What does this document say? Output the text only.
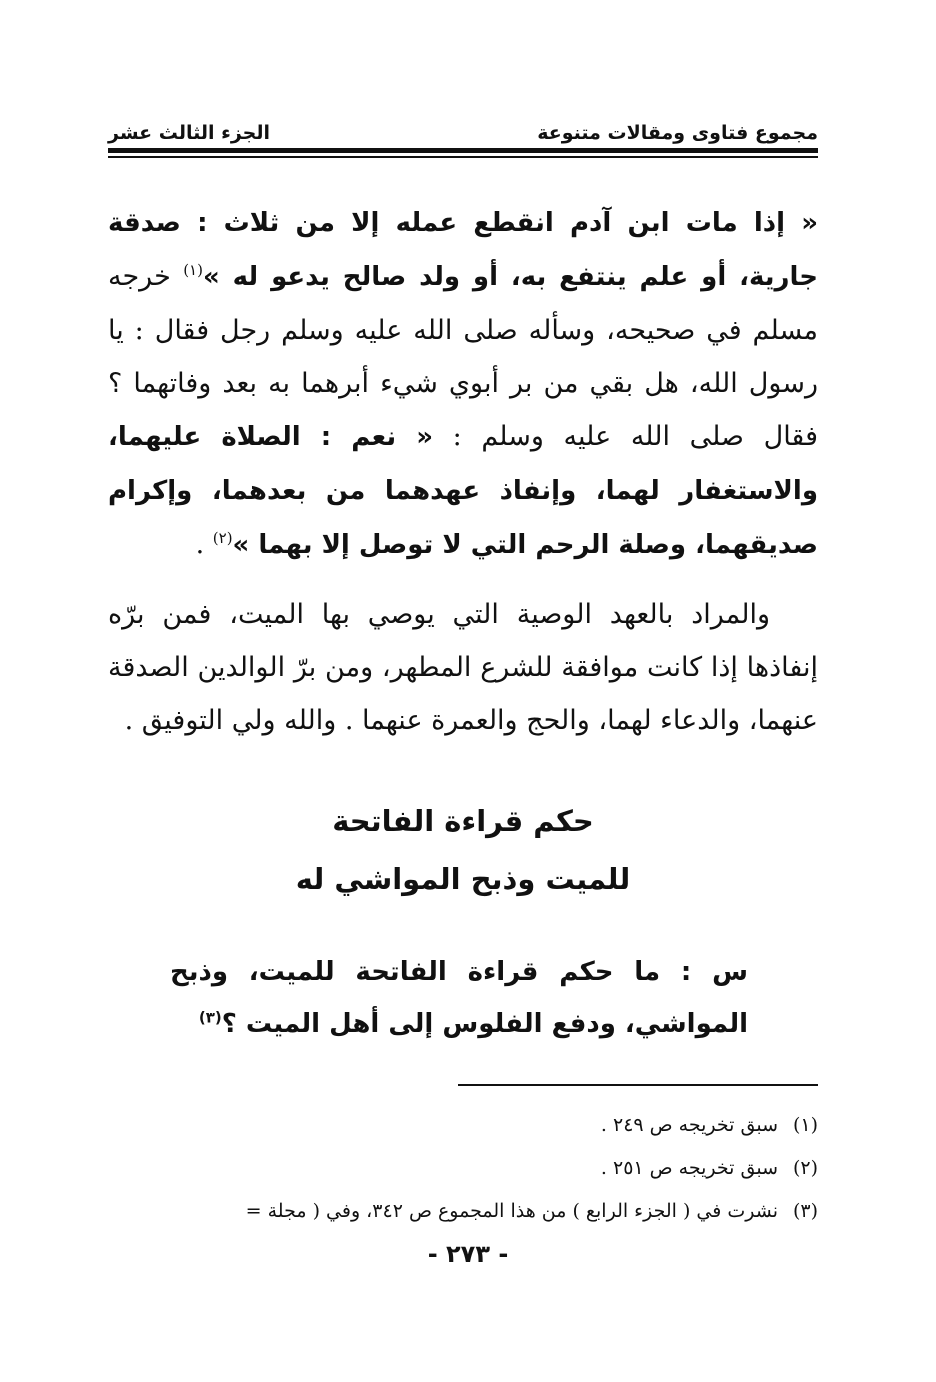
مجموع فتاوى ومقالات متنوعة
الجزء الثالث عشر

« إذا مات ابن آدم انقطع عمله إلا من ثلاث : صدقة جارية، أو علم ينتفع به، أو ولد صالح يدعو له »$^{(١)}$ خرجه مسلم في صحيحه، وسأله صلى الله عليه وسلم رجل فقال : يا رسول الله، هل بقي من بر أبوي شيء أبرهما به بعد وفاتهما ؟ فقال صلى الله عليه وسلم : « نعم : الصلاة عليهما، والاستغفار لهما، وإنفاذ عهدهما من بعدهما، وإكرام صديقهما، وصلة الرحم التي لا توصل إلا بهما »$^{(٢)}$ .

والمراد بالعهد الوصية التي يوصي بها الميت، فمن برّه إنفاذها إذا كانت موافقة للشرع المطهر، ومن برّ الوالدين الصدقة عنهما، والدعاء لهما، والحج والعمرة عنهما . والله ولي التوفيق .

حكم قراءة الفاتحة
للميت وذبح المواشي له
س : ما حكم قراءة الفاتحة للميت، وذبح المواشي، ودفع الفلوس إلى أهل الميت ؟$^{(٣)}$
(١)
سبق تخريجه ص ٢٤٩ .
(٢)
سبق تخريجه ص ٢٥١ .
(٣)
نشرت في ( الجزء الرابع ) من هذا المجموع ص ٣٤٢، وفي ( مجلة =
- ٢٧٣ -
